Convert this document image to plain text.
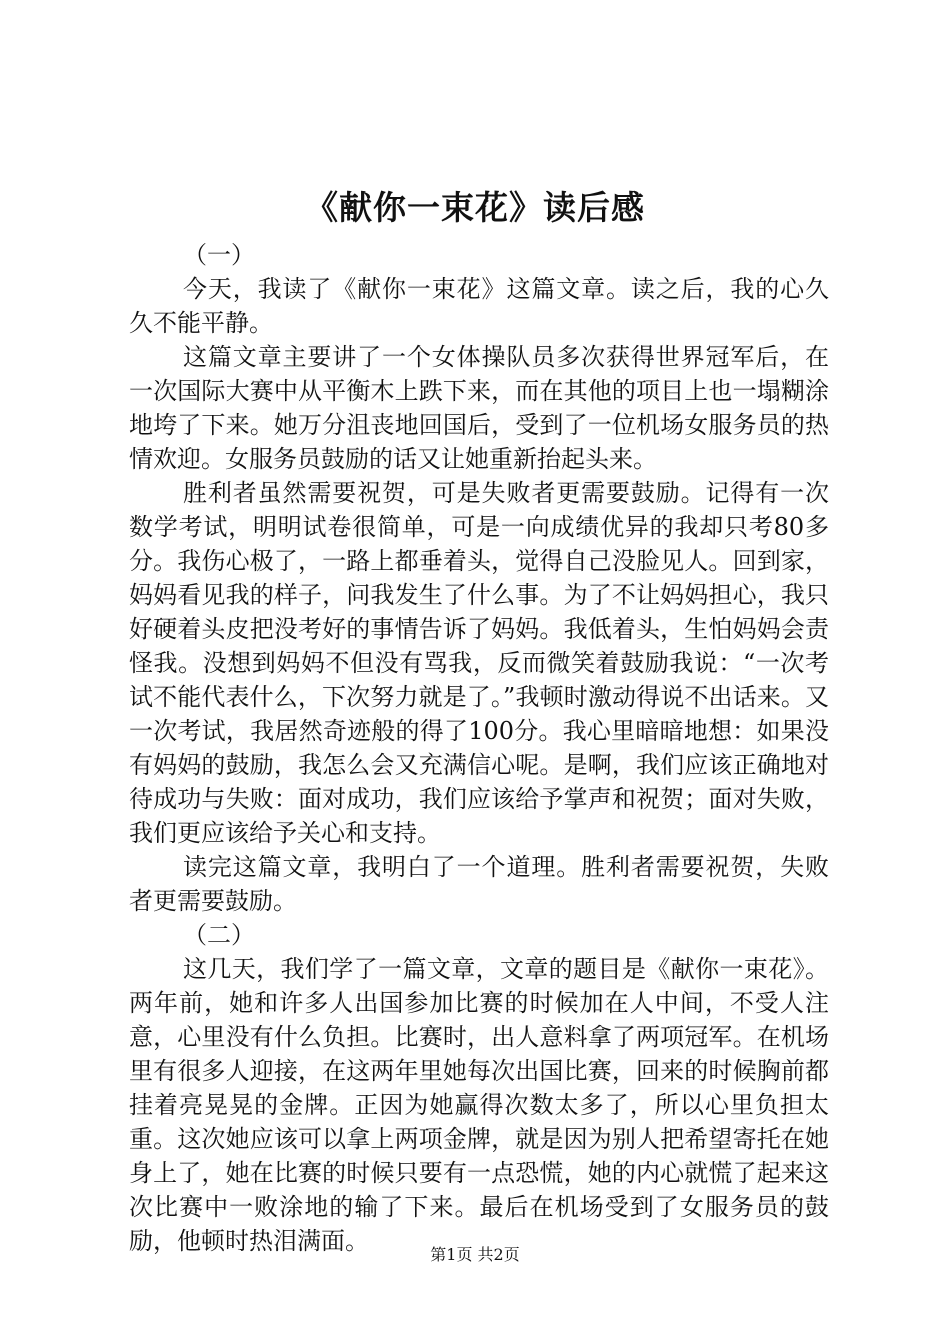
《献你一束花》读后感

（一）

今天，我读了《献你一束花》这篇文章。读之后，我的心久久不能平静。

这篇文章主要讲了一个女体操队员多次获得世界冠军后，在一次国际大赛中从平衡木上跌下来，而在其他的项目上也一塌糊涂地垮了下来。她万分沮丧地回国后，受到了一位机场女服务员的热情欢迎。女服务员鼓励的话又让她重新抬起头来。

胜利者虽然需要祝贺，可是失败者更需要鼓励。记得有一次数学考试，明明试卷很简单，可是一向成绩优异的我却只考80多分。我伤心极了，一路上都垂着头，觉得自己没脸见人。回到家，妈妈看见我的样子，问我发生了什么事。为了不让妈妈担心，我只好硬着头皮把没考好的事情告诉了妈妈。我低着头，生怕妈妈会责怪我。没想到妈妈不但没有骂我，反而微笑着鼓励我说：“一次考试不能代表什么，下次努力就是了。”我顿时激动得说不出话来。又一次考试，我居然奇迹般的得了100分。我心里暗暗地想：如果没有妈妈的鼓励，我怎么会又充满信心呢。是啊，我们应该正确地对待成功与失败：面对成功，我们应该给予掌声和祝贺；面对失败，我们更应该给予关心和支持。

读完这篇文章，我明白了一个道理。胜利者需要祝贺，失败者更需要鼓励。

（二）

这几天，我们学了一篇文章，文章的题目是《献你一束花》。两年前，她和许多人出国参加比赛的时候加在人中间，不受人注意，心里没有什么负担。比赛时，出人意料拿了两项冠军。在机场里有很多人迎接，在这两年里她每次出国比赛，回来的时候胸前都挂着亮晃晃的金牌。正因为她赢得次数太多了，所以心里负担太重。这次她应该可以拿上两项金牌，就是因为别人把希望寄托在她身上了，她在比赛的时候只要有一点恐慌，她的内心就慌了起来这次比赛中一败涂地的输了下来。最后在机场受到了女服务员的鼓励，他顿时热泪满面。	第1页 共2页
